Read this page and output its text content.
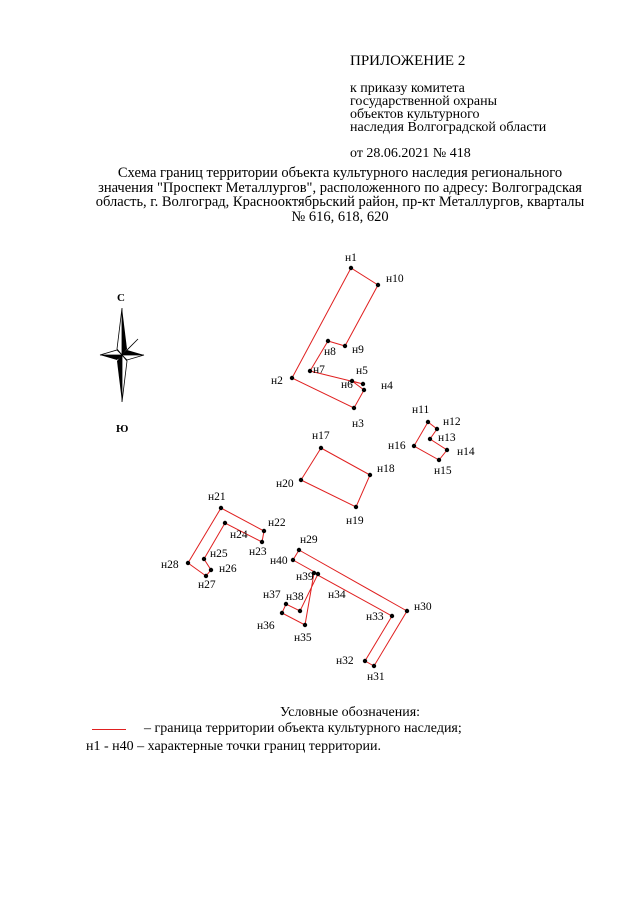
ПРИЛОЖЕНИЕ 2
к приказу комитета
государственной охраны
объектов культурного
наследия Волгоградской области
от 28.06.2021 № 418
Схема границ территории объекта культурного наследия регионального
значения "Проспект Металлургов", расположенного по адресу: Волгоградская
область, г. Волгоград, Краснооктябрьский район, пр-кт Металлургов, кварталы
№ 616, 618, 620
С
Ю
н1
н10
н2
н3
н4
н5
н6
н7
н8 н9
н11
н12
н13
н14
н15
н16
н17
н18
н19
н20
н21
н22
н23
н24
н25
н26
н27
н28
н29
н30
н31
н32
н33
н34
н35
н36
н37 н38
н39
н40
Условные обозначения:
– граница территории объекта культурного наследия;
н1 - н40 – характерные точки границ территории.
